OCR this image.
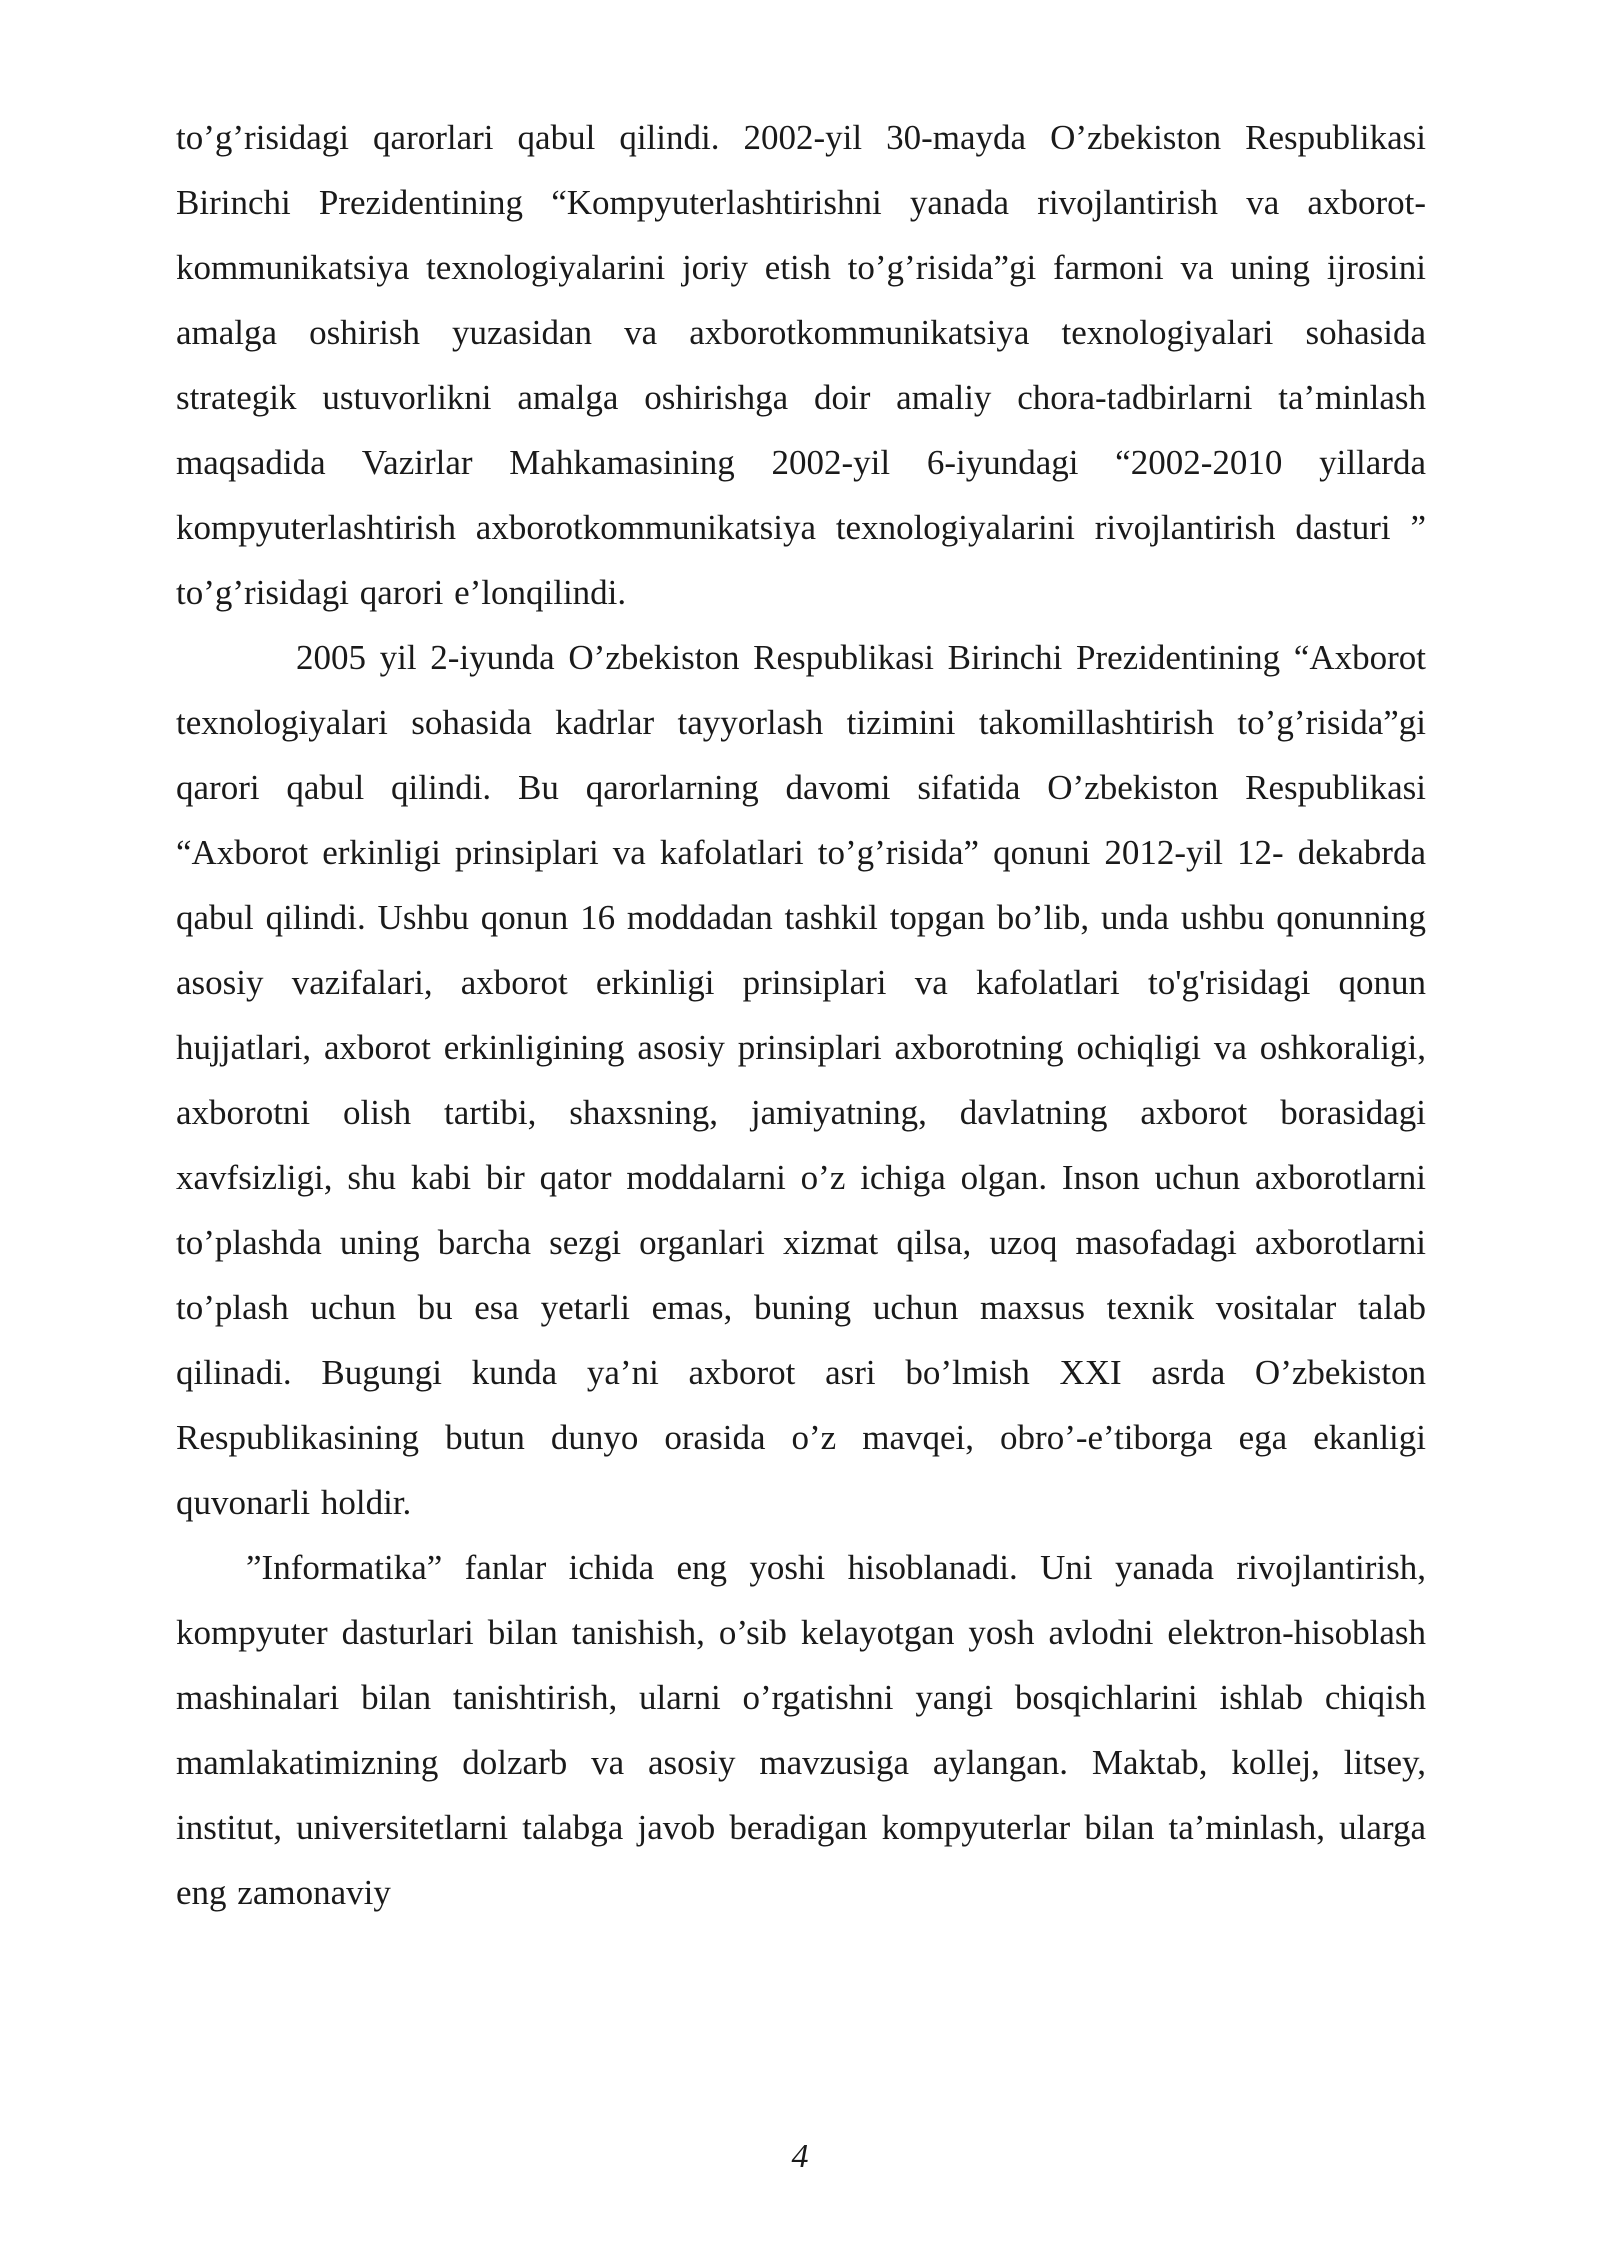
to’g’risidagi qarorlari qabul qilindi. 2002-yil 30-mayda O’zbekiston Respublikasi Birinchi Prezidentining “Kompyuterlashtirishni yanada rivojlantirish va axborot- kommunikatsiya texnologiyalarini joriy etish to’g’risida”gi farmoni va uning ijrosini amalga oshirish yuzasidan va axborotkommunikatsiya texnologiyalari sohasida strategik ustuvorlikni amalga oshirishga doir amaliy chora-tadbirlarni ta’minlash maqsadida Vazirlar Mahkamasining 2002-yil 6-iyundagi “2002-2010 yillarda kompyuterlashtirish axborotkommunikatsiya texnologiyalarini rivojlantirish dasturi ” to’g’risidagi qarori e’lonqilindi.

2005 yil 2-iyunda O’zbekiston Respublikasi Birinchi Prezidentining “Axborot texnologiyalari sohasida kadrlar tayyorlash tizimini takomillashtirish to’g’risida”gi qarori qabul qilindi. Bu qarorlarning davomi sifatida O’zbekiston Respublikasi “Axborot erkinligi prinsiplari va kafolatlari to’g’risida” qonuni 2012-yil 12- dekabrda qabul qilindi. Ushbu qonun 16 moddadan tashkil topgan bo’lib, unda ushbu qonunning asosiy vazifalari, axborot erkinligi prinsiplari va kafolatlari to'g'risidagi qonun hujjatlari, axborot erkinligining asosiy prinsiplari axborotning ochiqligi va oshkoraligi, axborotni olish tartibi, shaxsning, jamiyatning, davlatning axborot borasidagi xavfsizligi, shu kabi bir qator moddalarni o’z ichiga olgan. Inson uchun axborotlarni to’plashda uning barcha sezgi organlari xizmat qilsa, uzoq masofadagi axborotlarni to’plash uchun bu esa yetarli emas, buning uchun maxsus texnik vositalar talab qilinadi. Bugungi kunda ya’ni axborot asri bo’lmish XXI asrda O’zbekiston Respublikasining butun dunyo orasida o’z mavqei, obro’-e’tiborga ega ekanligi quvonarli holdir.

”Informatika” fanlar ichida eng yoshi hisoblanadi. Uni yanada rivojlantirish, kompyuter dasturlari bilan tanishish, o’sib kelayotgan yosh avlodni elektron-hisoblash mashinalari bilan tanishtirish, ularni o’rgatishni yangi bosqichlarini ishlab chiqish mamlakatimizning dolzarb va asosiy mavzusiga aylangan. Maktab, kollej, litsey, institut, universitetlarni talabga javob beradigan kompyuterlar bilan ta’minlash, ularga eng zamonaviy

4
